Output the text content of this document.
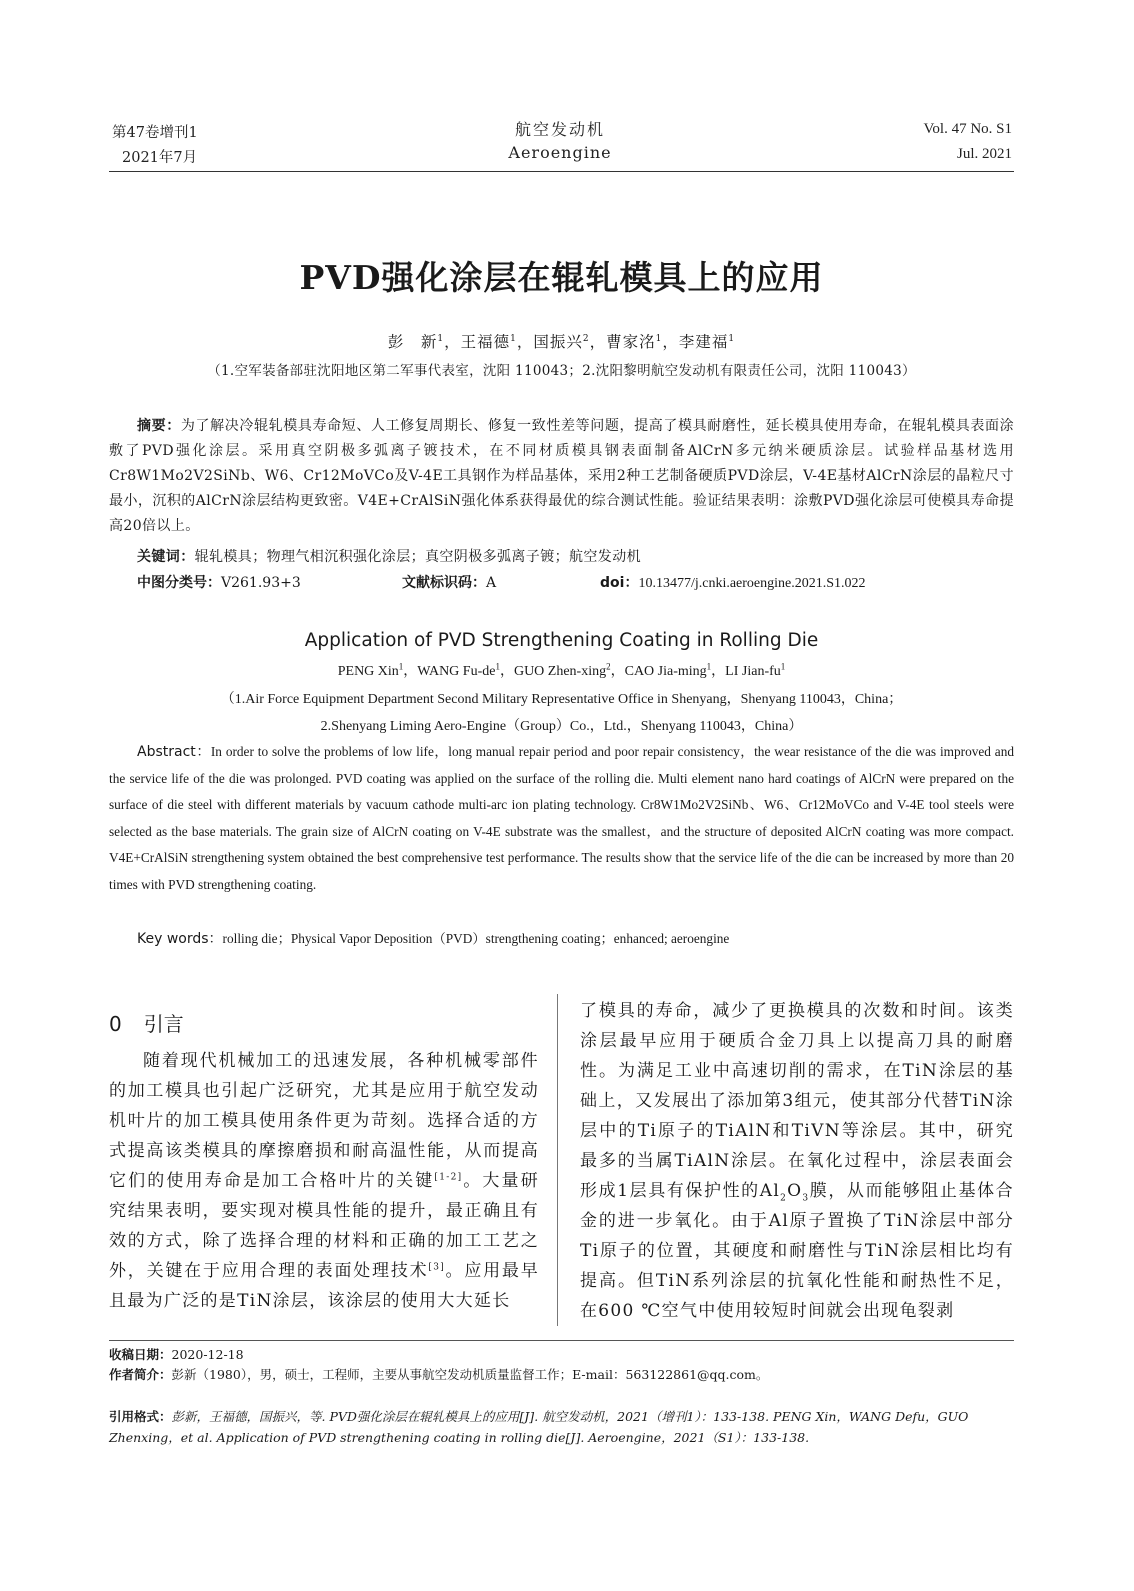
第47卷增刊1
2021年7月
航空发动机
Aeroengine
Vol. 47 No. S1
Jul. 2021
PVD强化涂层在辊轧模具上的应用
彭　新$^1$，王福德$^1$，国振兴$^2$，曹家洺$^1$，李建福$^1$
（1.空军装备部驻沈阳地区第二军事代表室，沈阳 110043；2.沈阳黎明航空发动机有限责任公司，沈阳 110043）
摘要：为了解决冷辊轧模具寿命短、人工修复周期长、修复一致性差等问题，提高了模具耐磨性，延长模具使用寿命，在辊轧模具表面涂敷了PVD强化涂层。采用真空阴极多弧离子镀技术，在不同材质模具钢表面制备AlCrN多元纳米硬质涂层。试验样品基材选用Cr8W1Mo2V2SiNb、W6、Cr12MoVCo及V-4E工具钢作为样品基体，采用2种工艺制备硬质PVD涂层，V-4E基材AlCrN涂层的晶粒尺寸最小，沉积的AlCrN涂层结构更致密。V4E+CrAlSiN强化体系获得最优的综合测试性能。验证结果表明：涂敷PVD强化涂层可使模具寿命提高20倍以上。
关键词：辊轧模具；物理气相沉积强化涂层；真空阴极多弧离子镀；航空发动机
中图分类号：V261.93+3	文献标识码：A	doi：10.13477/j.cnki.aeroengine.2021.S1.022
Application of PVD Strengthening Coating in Rolling Die
PENG Xin$^1$，WANG $Fu-de^1$，GUO Zhen-xing$^2$，CAO Jia-ming$^1$，LI Jian-$fu^1$
（1.Air Force Equipment Department Second Military Representative Office in Shenyang，Shenyang 110043，China；
2.Shenyang Liming Aero-Engine（Group）Co.，Ltd.，Shenyang 110043，China）
Abstract：In order to solve the problems of low life，long manual repair period and poor repair consistency，the wear resistance of the die was improved and the service life of the die was prolonged. PVD coating was applied on the surface of the rolling die. Multi element nano hard coatings of AlCrN were prepared on the surface of die steel with different materials by vacuum cathode multi-arc ion plating technology. Cr8W1Mo2V2SiNb、W6、Cr12MoVCo and V-4E tool steels were selected as the base materials. The grain size of AlCrN coating on V-4E substrate was the smallest，and the structure of deposited AlCrN coating was more compact. V4E+CrAlSiN strengthening system obtained the best comprehensive test performance. The results show that the service life of the die can be increased by more than 20 times with PVD strengthening coating.
Key words：rolling die；Physical Vapor Deposition（PVD）strengthening coating；enhanced; aeroengine
0 引言
随着现代机械加工的迅速发展，各种机械零部件的加工模具也引起广泛研究，尤其是应用于航空发动机叶片的加工模具使用条件更为苛刻。选择合适的方式提高该类模具的摩擦磨损和耐高温性能，从而提高它们的使用寿命是加工合格叶片的关键[1-2]。大量研究结果表明，要实现对模具性能的提升，最正确且有效的方式，除了选择合理的材料和正确的加工工艺之外，关键在于应用合理的表面处理技术[3]。应用最早且最为广泛的是TiN涂层，该涂层的使用大大延长
了模具的寿命，减少了更换模具的次数和时间。该类涂层最早应用于硬质合金刀具上以提高刀具的耐磨性。为满足工业中高速切削的需求，在TiN涂层的基础上，又发展出了添加第3组元，使其部分代替TiN涂层中的Ti原子的TiAlN和TiVN等涂层。其中，研究最多的当属TiAlN涂层。在氧化过程中，涂层表面会形成1层具有保护性的$Al_2O_3$膜，从而能够阻止基体合金的进一步氧化。由于Al原子置换了TiN涂层中部分Ti原子的位置，其硬度和耐磨性与TiN涂层相比均有提高。但TiN系列涂层的抗氧化性能和耐热性不足，在600 ℃空气中使用较短时间就会出现龟裂剥
收稿日期：2020-12-18
作者简介：彭新（1980），男，硕士，工程师，主要从事航空发动机质量监督工作；E-mail：563122861@qq.com。
引用格式：彭新，王福德，国振兴，等. PVD强化涂层在辊轧模具上的应用[J]. 航空发动机，2021（增刊1）：133-138. PENG Xin，WANG Defu，GUO Zhenxing，et al. Application of PVD strengthening coating in rolling die[J]. Aeroengine，2021（S1）：133-138.
